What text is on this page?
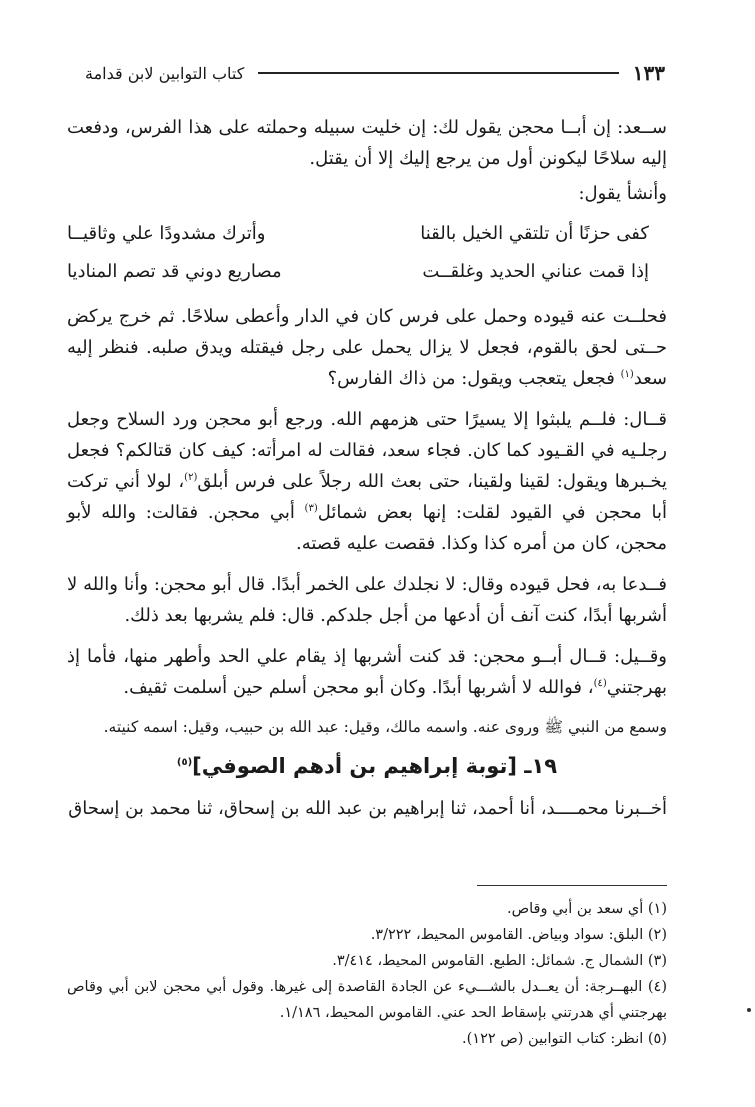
١٣٣
كتاب التوابين لابن قدامة

ســعد: إن أبــا محجن يقول لك: إن خليت سبيله وحملته على هذا الفرس، ودفعت إليه سلاحًا ليكونن أول من يرجع إليك إلا أن يقتل.

وأنشأ يقول:

كفى حزنًا أن تلتقي الخيل بالقنا
وأترك مشدودًا علي وثاقيــا
إذا قمت عناني الحديد وغلقــت
مصاريع دوني قد تصم المناديا

فحلــت عنه قيوده وحمل على فرس كان في الدار وأعطى سلاحًا. ثم خرج يركض حــتى لحق بالقوم، فجعل لا يزال يحمل على رجل فيقتله ويدق صلبه. فنظر إليه سعد$^{(١)}$ فجعل يتعجب ويقول: من ذاك الفارس؟

قــال: فلــم يلبثوا إلا يسيرًا حتى هزمهم الله. ورجع أبو محجن ورد السلاح وجعل رجلـيه في القـيود كما كان. فجاء سعد، فقالت له امرأته: كيف كان قتالكم؟ فجعل يخـبرها ويقول: لقينا ولقينا، حتى بعث الله رجلاً على فرس أبلق$^{(٢)}$، لولا أني تركت أبا محجن في القيود لقلت: إنها بعض شمائل$^{(٣)}$ أبي محجن. فقالت: والله لأبو محجن، كان من أمره كذا وكذا. فقصت عليه قصته.

فــدعا به، فحل قيوده وقال: لا نجلدك على الخمر أبدًا. قال أبو محجن: وأنا والله لا أشربها أبدًا، كنت آنف أن أدعها من أجل جلدكم. قال: فلم يشربها بعد ذلك.

وقــيل: قــال أبــو محجن: قد كنت أشربها إذ يقام علي الحد وأطهر منها، فأما إذ بهرجتني$^{(٤)}$، فوالله لا أشربها أبدًا. وكان أبو محجن أسلم حين أسلمت ثقيف.

وسمع من النبي ﷺ وروى عنه. واسمه مالك، وقيل: عبد الله بن حبيب، وقيل: اسمه كنيته.

١٩ـ [توبة إبراهيم بن أدهم الصوفي]$^{(٥)}$

أخــبرنا محمــــد، أنا أحمد، ثنا إبراهيم بن عبد الله بن إسحاق، ثنا محمد بن إسحاق

(١) أي سعد بن أبي وقاص.

(٢) البلق: سواد وبياض. القاموس المحيط، ٣/٢٢٢.

(٣) الشمال ج. شمائل: الطبع. القاموس المحيط، ٣/٤١٤.

(٤) البهــرجة: أن يعــدل بالشـــيء عن الجادة القاصدة إلى غيرها. وقول أبي محجن لابن أبي وقاص بهرجتني أي هدرتني بإسقاط الحد عني. القاموس المحيط، ١/١٨٦.

(٥) انظر: كتاب التوابين (ص ١٢٢).
